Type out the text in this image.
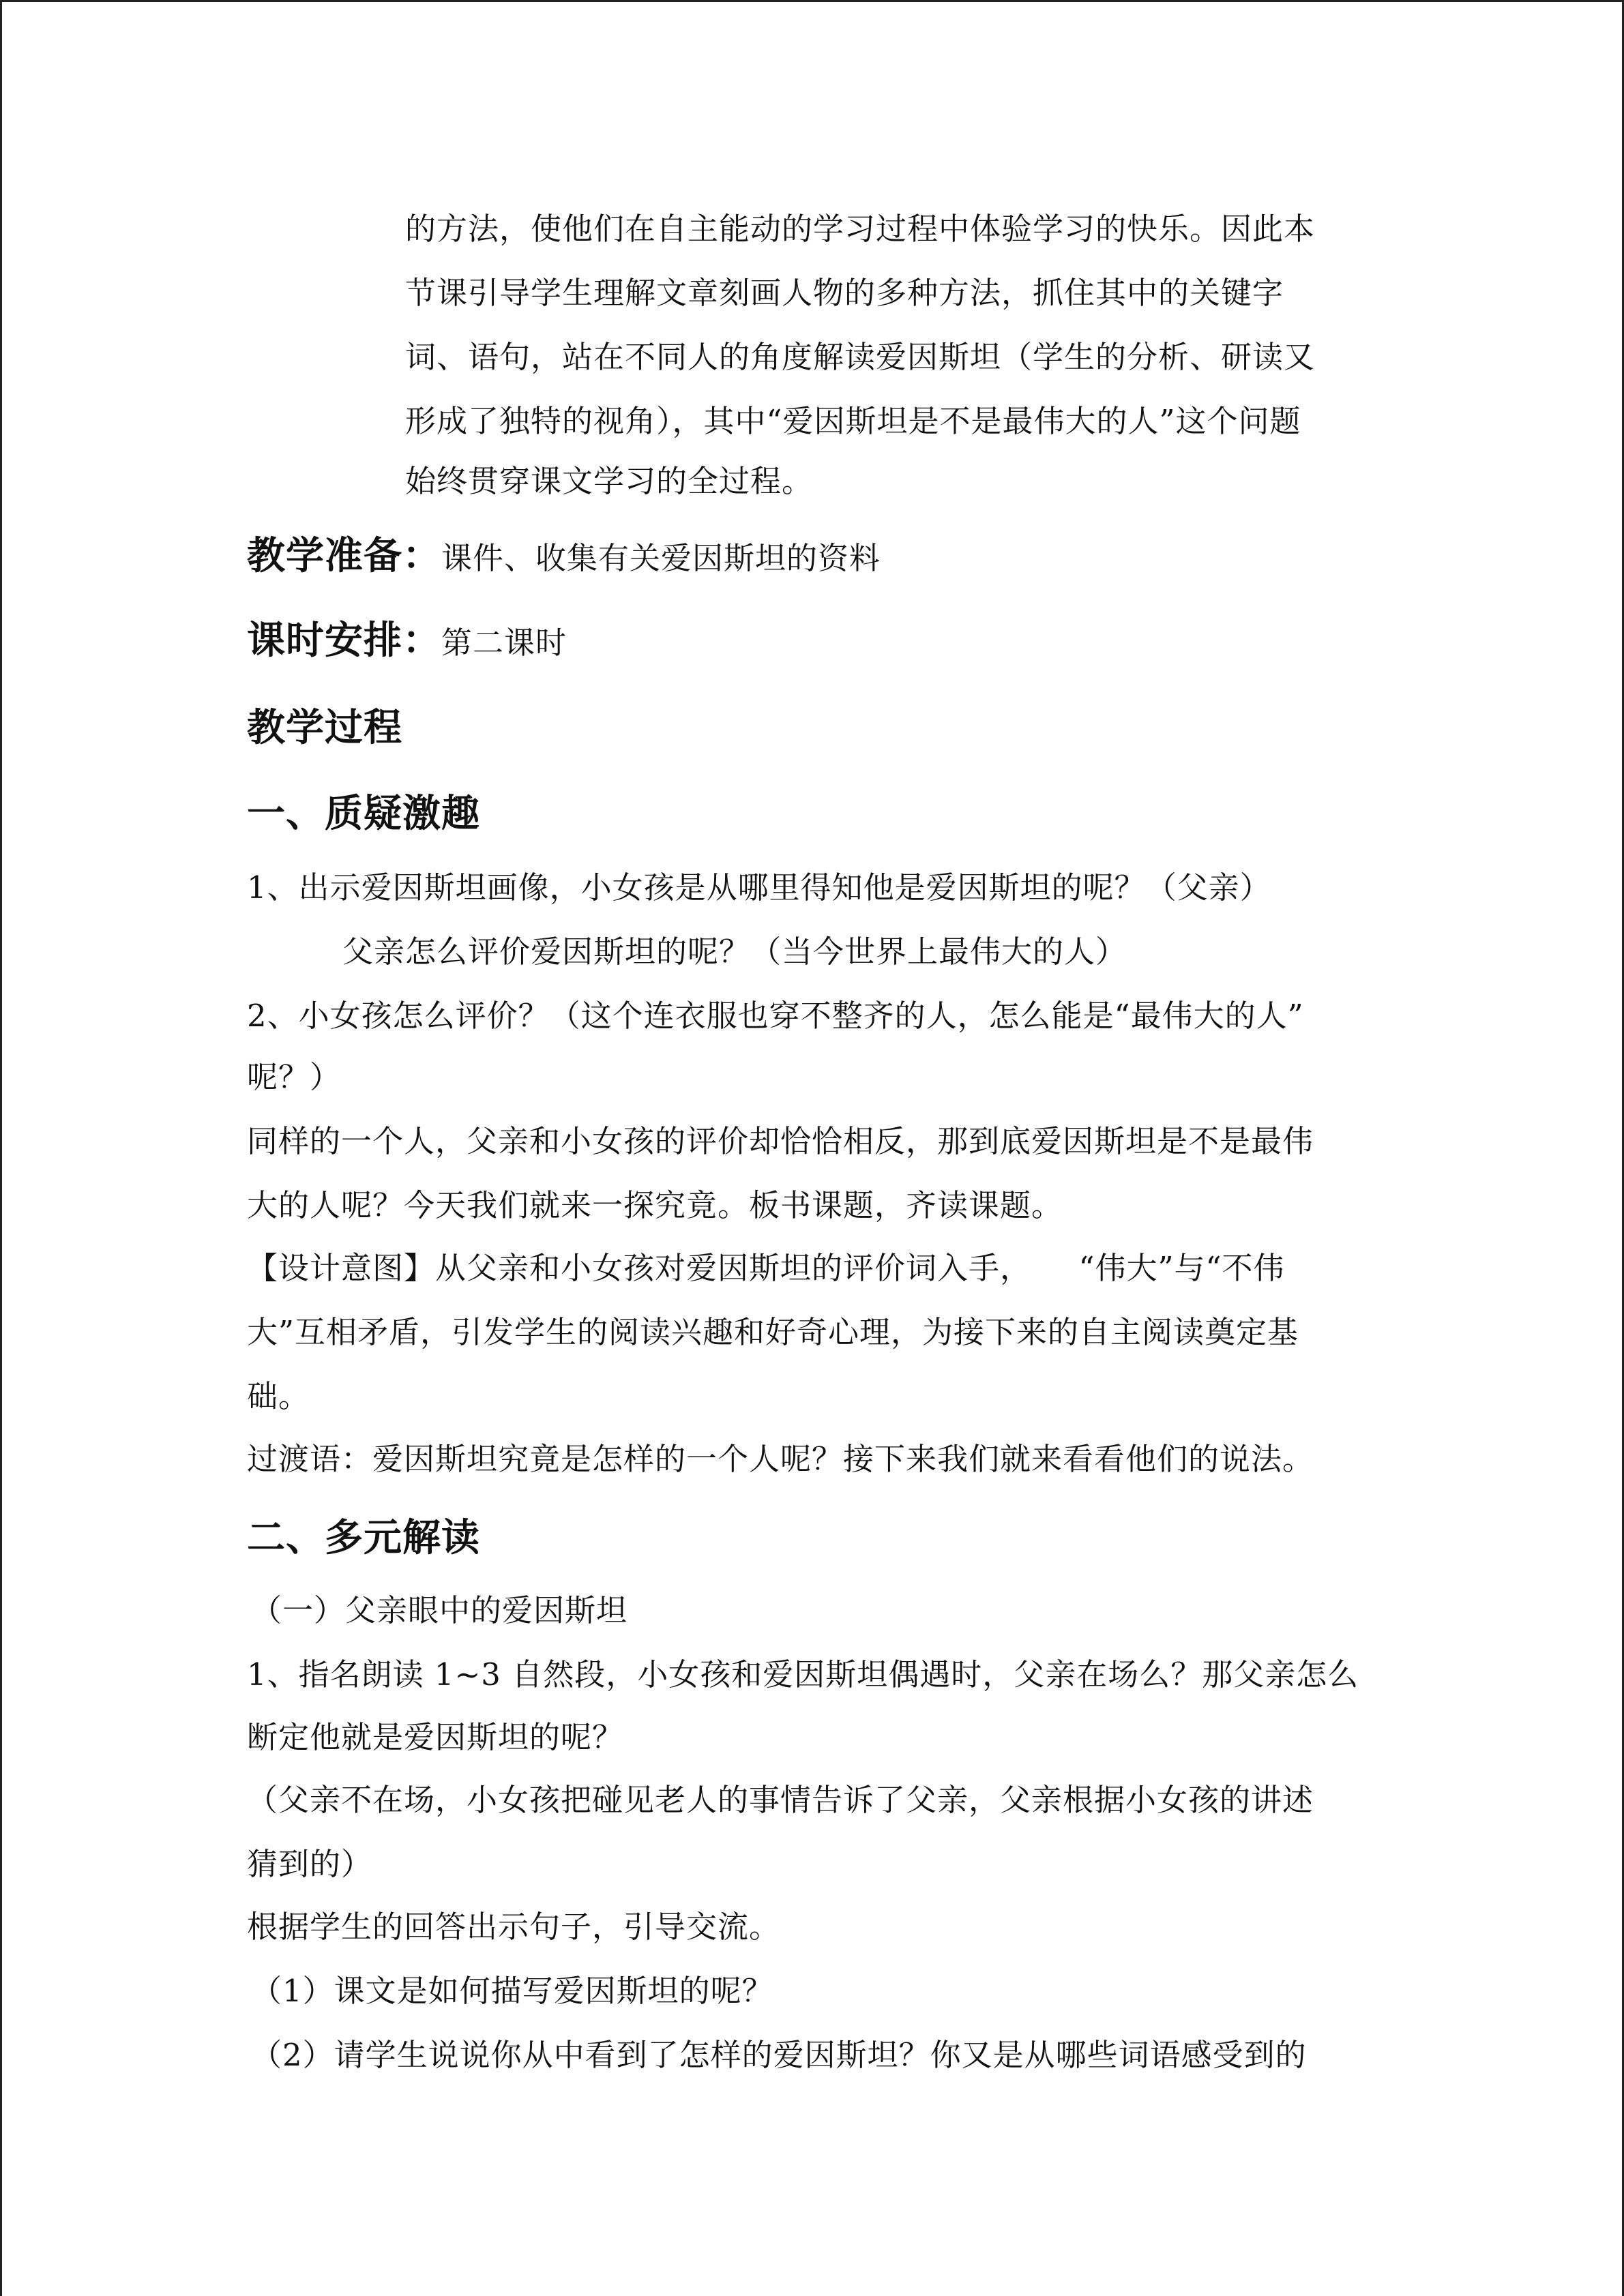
的方法，使他们在自主能动的学习过程中体验学习的快乐。因此本
节课引导学生理解文章刻画人物的多种方法，抓住其中的关键字
词、语句，站在不同人的角度解读爱因斯坦（学生的分析、研读又
形成了独特的视角），其中“爱因斯坦是不是最伟大的人”这个问题
始终贯穿课文学习的全过程。
教学准备：课件、收集有关爱因斯坦的资料
课时安排：第二课时
教学过程
一、质疑激趣
1、出示爱因斯坦画像，小女孩是从哪里得知他是爱因斯坦的呢？（父亲）
父亲怎么评价爱因斯坦的呢？（当今世界上最伟大的人）
2、小女孩怎么评价？（这个连衣服也穿不整齐的人，怎么能是“最伟大的人”
呢？）
同样的一个人，父亲和小女孩的评价却恰恰相反，那到底爱因斯坦是不是最伟
大的人呢？今天我们就来一探究竟。板书课题，齐读课题。
【设计意图】从父亲和小女孩对爱因斯坦的评价词入手，　　“伟大”与“不伟
大”互相矛盾，引发学生的阅读兴趣和好奇心理，为接下来的自主阅读奠定基
础。
过渡语：爱因斯坦究竟是怎样的一个人呢？接下来我们就来看看他们的说法。
二、多元解读
（一）父亲眼中的爱因斯坦
1、指名朗读 1~3 自然段，小女孩和爱因斯坦偶遇时，父亲在场么？那父亲怎么
断定他就是爱因斯坦的呢？
（父亲不在场，小女孩把碰见老人的事情告诉了父亲，父亲根据小女孩的讲述
猜到的）
根据学生的回答出示句子，引导交流。
（1）课文是如何描写爱因斯坦的呢？
（2）请学生说说你从中看到了怎样的爱因斯坦？你又是从哪些词语感受到的
